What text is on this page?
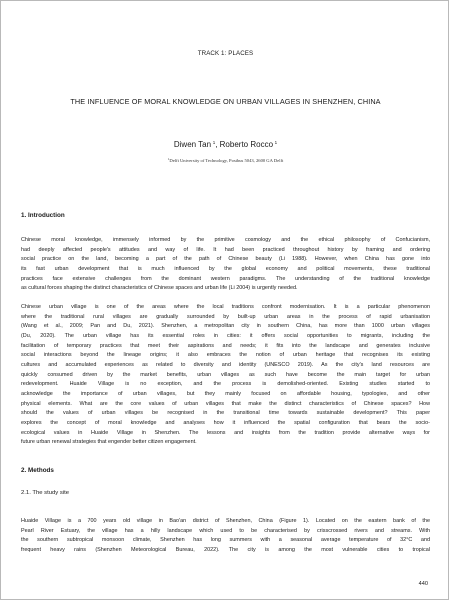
TRACK 1: PLACES
THE INFLUENCE OF MORAL KNOWLEDGE ON URBAN VILLAGES IN SHENZHEN, CHINA
Diwen Tan  $^1$, Roberto Rocco  $^1$
$^1$Delft University of Technology, Postbus 5043, 2600 GA Delft
1. Introduction
Chinese moral knowledge, immensely informed by the primitive cosmology and the ethical philosophy of Confucianism,
had deeply affected people's attitudes and way of life. It had been practiced throughout history by framing and ordering
social practice on the land, becoming a part of the path of Chinese beauty (Li 1988). However, when China has gone into
its fast urban development that is much influenced by the global economy and political movements, these traditional
practices face extensive challenges from the dominant western paradigms. The understanding of the traditional knowledge
as cultural forces shaping the distinct characteristics of Chinese spaces and urban life (Li 2004) is urgently needed.
Chinese urban village is one of the areas where the local traditions confront modernisation. It is a particular phenomenon
where the traditional rural villages are gradually surrounded by built-up urban areas in the process of rapid urbanisation
(Wang et al., 2009; Pan and Du, 2021). Shenzhen, a metropolitan city in southern China, has more than 1000 urban villages
(Du, 2020). The urban village has its essential roles in cities: it offers social opportunities to migrants, including the
facilitation of temporary practices that meet their aspirations and needs; it fits into the landscape and generates inclusive
social interactions beyond the lineage origins; it also embraces the notion of urban heritage that recognises its existing
cultures and accumulated experiences as related to diversity and identity (UNESCO 2019). As the city's land resources are
quickly consumed driven by the market benefits, urban villages as such have become the main target for urban
redevelopment. Huaide Village is no exception, and the process is demolished-oriented. Existing studies started to
acknowledge the importance of urban villages, but they mainly focused on affordable housing, typologies, and other
physical elements. What are the core values of urban villages that make the distinct characteristics of Chinese spaces? How
should the values of urban villages be recognised in the transitional time towards sustainable development? This paper
explores the concept of moral knowledge and analyses how it influenced the spatial configuration that bears the socio-
ecological values in Huaide Village in Shenzhen. The lessons and insights from the tradition provide alternative ways for
future urban renewal strategies that engender better citizen engagement.
2. Methods
2.1. The study site
Huaide Village is a 700 years old village in Bao'an district of Shenzhen, China (Figure 1). Located on the eastern bank of the
Pearl River Estuary, the village has a hilly landscape which used to be characterised by crisscrossed rivers and streams. With
the southern subtropical monsoon climate, Shenzhen has long summers with a seasonal average temperature of 32°C and
frequent heavy rains (Shenzhen Meteorological Bureau, 2022). The city is among the most vulnerable cities to tropical
440
